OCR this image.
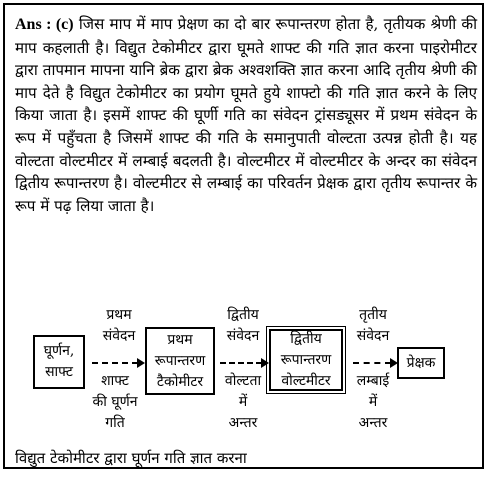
Ans : (c) जिस माप में माप प्रेक्षण का दो बार रूपान्तरण होता है, तृतीयक श्रेणी की माप कहलाती है। विद्युत टेकोमीटर द्वारा घूमते शाफ्ट की गति ज्ञात करना पाइरोमीटर द्वारा तापमान मापना यानि ब्रेक द्वारा ब्रेक अश्वशक्ति ज्ञात करना आदि तृतीय श्रेणी की माप देते है विद्युत टेकोमीटर का प्रयोग घूमते हुये शाफ्टो की गति ज्ञात करने के लिए किया जाता है। इसमें शाफ्ट की घूर्णी गति का संवेदन ट्रांसड्यूसर में प्रथम संवेदन के रूप में पहुँचता है जिसमें शाफ्ट की गति के समानुपाती वोल्टता उत्पन्न होती है। यह वोल्टता वोल्टमीटर में लम्बाई बदलती है। वोल्टमीटर में वोल्टमीटर के अन्दर का संवेदन द्वितीय रूपान्तरण है। वोल्टमीटर से लम्बाई का परिवर्तन प्रेक्षक द्वारा तृतीय रूपान्तर के रूप में पढ़ लिया जाता है।

घूर्णन,
साफ्ट
प्रथम
संवेदन
शाफ्ट
की घूर्णन
गति
प्रथम
रूपान्तरण
टैकोमीटर
द्वितीय
संवेदन
वोल्टता
में
अन्तर
द्वितीय
रूपान्तरण
वोल्टमीटर
तृतीय
संवेदन
लम्बाई
में
अन्तर
प्रेक्षक
विद्युत टेकोमीटर द्वारा घूर्णन गति ज्ञात करना
